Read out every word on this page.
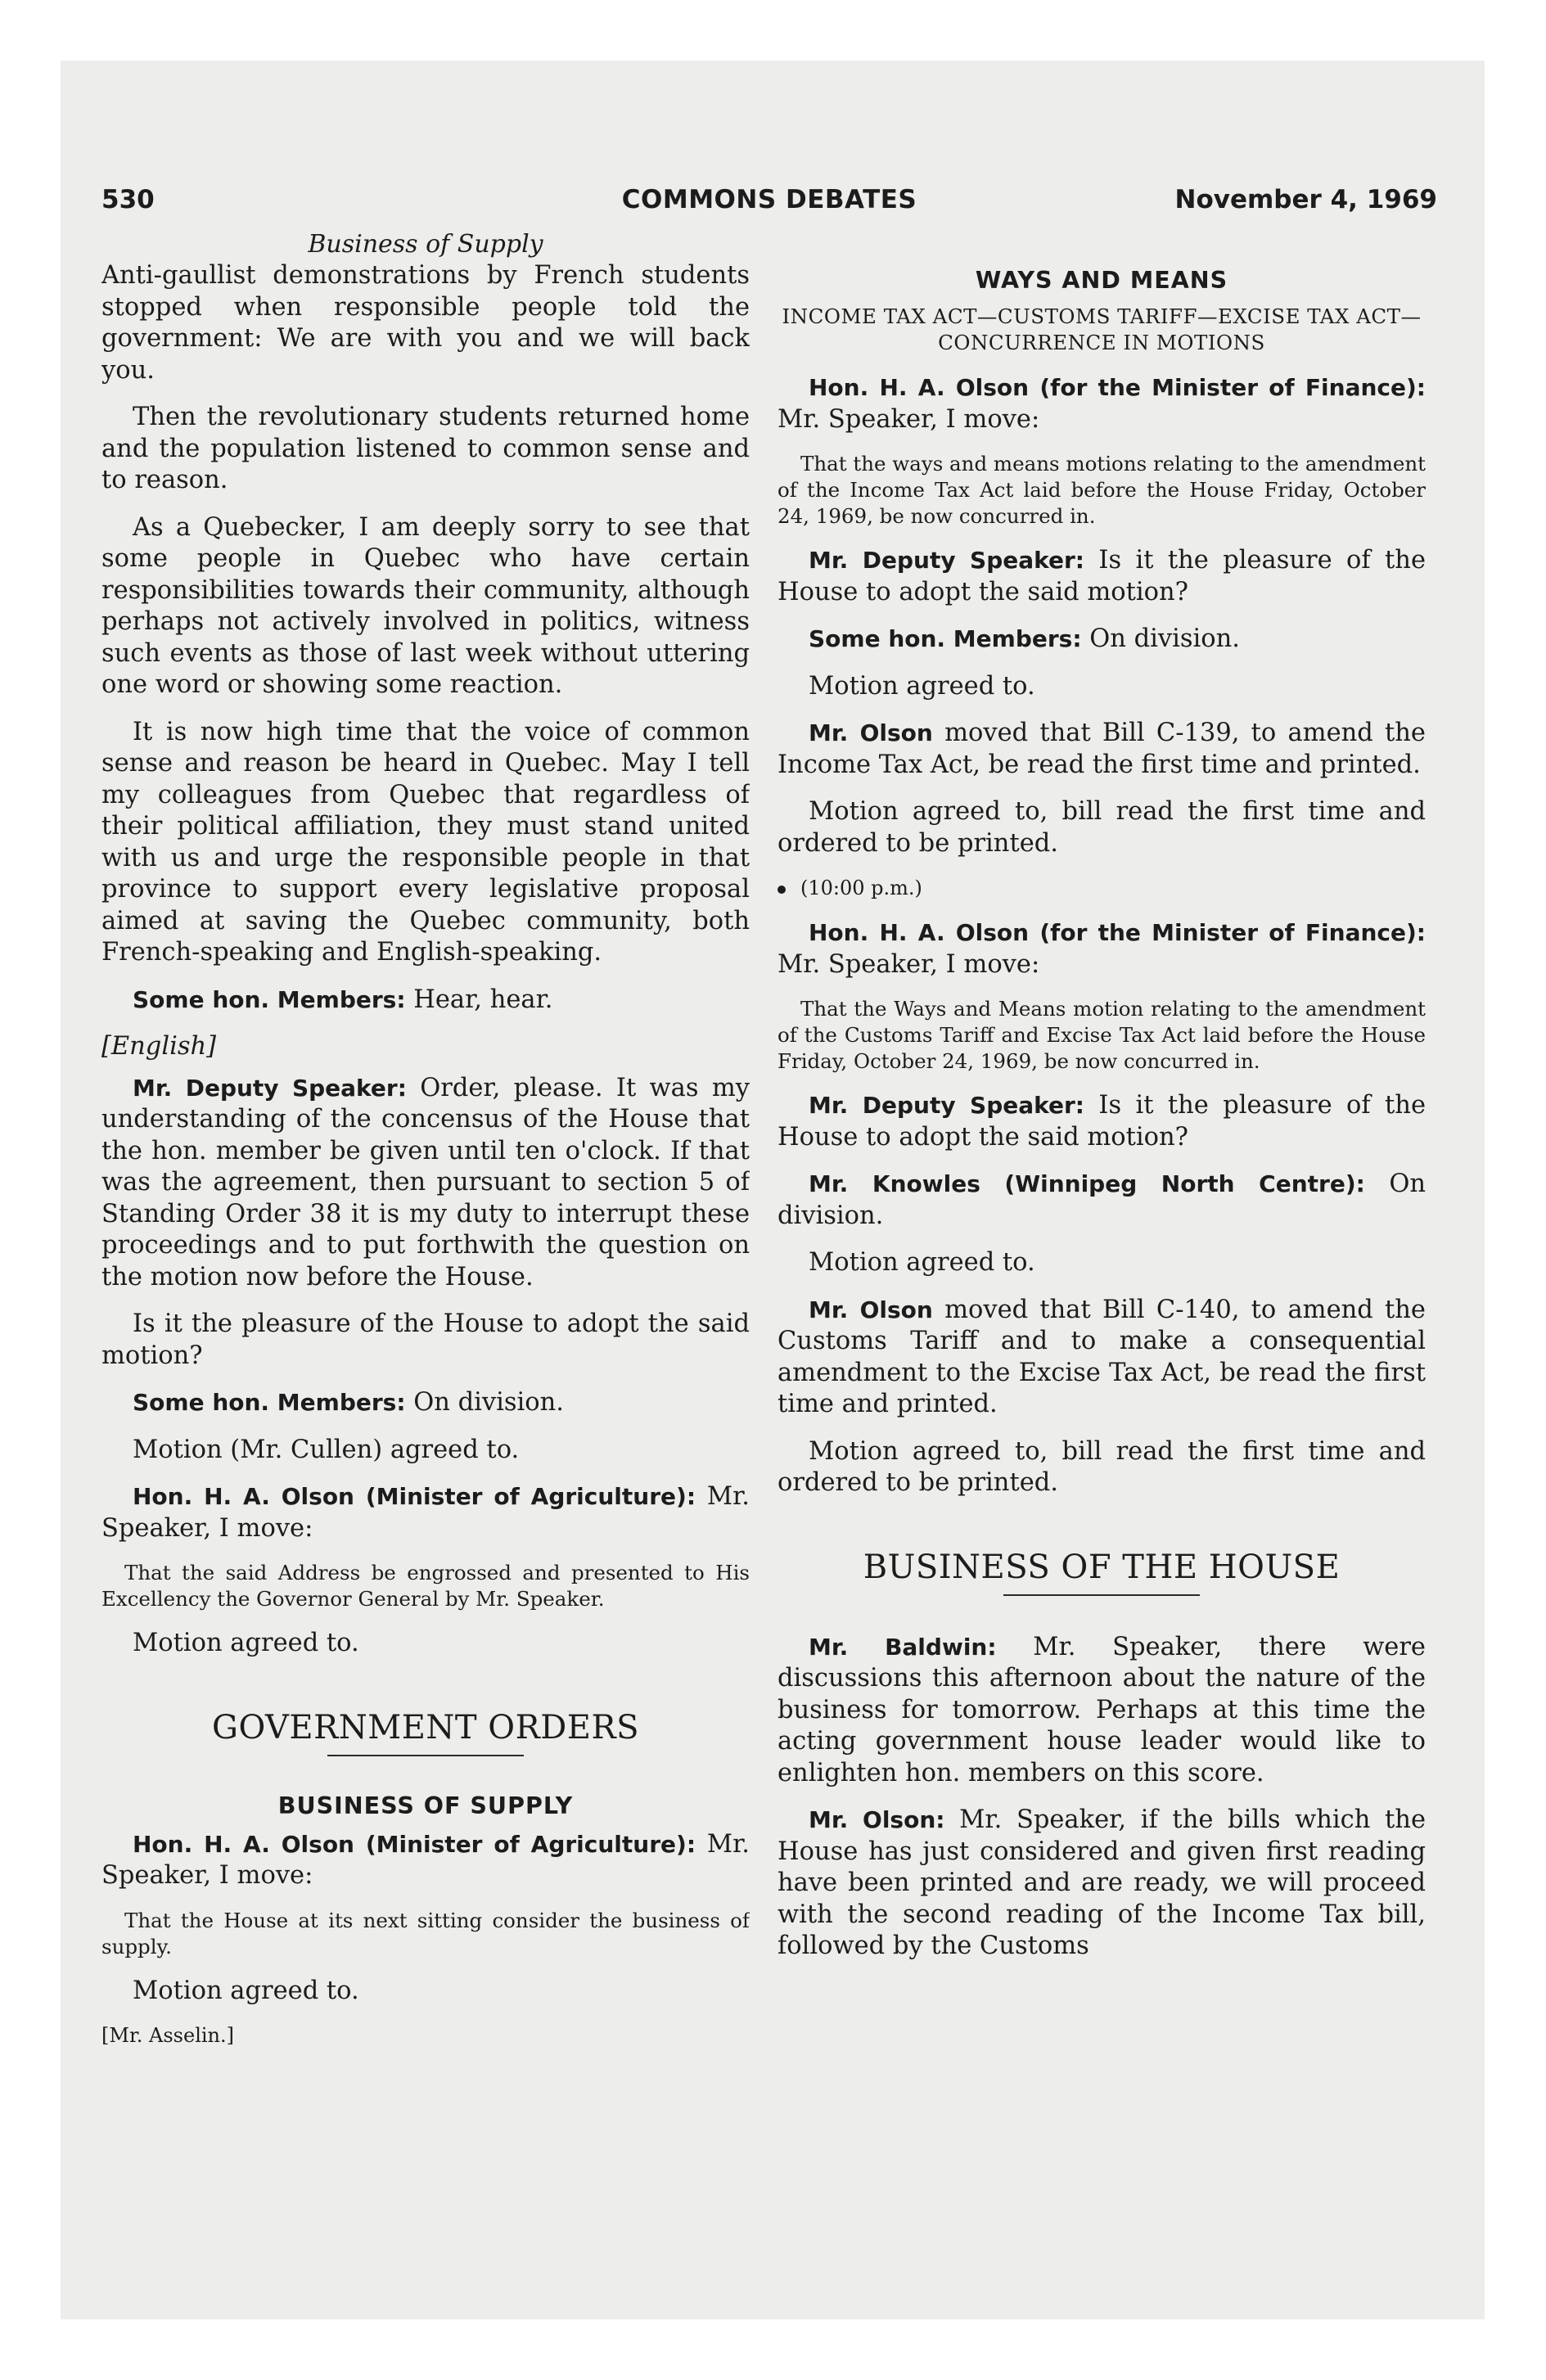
530	COMMONS DEBATES	November 4, 1969
Business of Supply

Anti-gaullist demonstrations by French students stopped when responsible people told the government: We are with you and we will back you.

Then the revolutionary students returned home and the population listened to common sense and to reason.

As a Quebecker, I am deeply sorry to see that some people in Quebec who have certain responsibilities towards their community, although perhaps not actively involved in politics, witness such events as those of last week without uttering one word or showing some reaction.

It is now high time that the voice of common sense and reason be heard in Quebec. May I tell my colleagues from Quebec that regardless of their political affiliation, they must stand united with us and urge the responsible people in that province to support every legislative proposal aimed at saving the Quebec community, both French-speaking and English-speaking.

Some hon. Members: Hear, hear.

[English]

Mr. Deputy Speaker: Order, please. It was my understanding of the concensus of the House that the hon. member be given until ten o'clock. If that was the agreement, then pursuant to section 5 of Standing Order 38 it is my duty to interrupt these proceedings and to put forthwith the question on the motion now before the House.

Is it the pleasure of the House to adopt the said motion?

Some hon. Members: On division.

Motion (Mr. Cullen) agreed to.

Hon. H. A. Olson (Minister of Agriculture): Mr. Speaker, I move:

That the said Address be engrossed and presented to His Excellency the Governor General by Mr. Speaker.

Motion agreed to.

GOVERNMENT ORDERS
BUSINESS OF SUPPLY

Hon. H. A. Olson (Minister of Agriculture): Mr. Speaker, I move:

That the House at its next sitting consider the business of supply.

Motion agreed to.

[Mr. Asselin.]
WAYS AND MEANS
INCOME TAX ACT—CUSTOMS TARIFF—EXCISE TAX ACT—CONCURRENCE IN MOTIONS

Hon. H. A. Olson (for the Minister of Finance): Mr. Speaker, I move:

That the ways and means motions relating to the amendment of the Income Tax Act laid before the House Friday, October 24, 1969, be now concurred in.

Mr. Deputy Speaker: Is it the pleasure of the House to adopt the said motion?

Some hon. Members: On division.

Motion agreed to.

Mr. Olson moved that Bill C-139, to amend the Income Tax Act, be read the first time and printed.

Motion agreed to, bill read the first time and ordered to be printed.

(10:00 p.m.)

Hon. H. A. Olson (for the Minister of Finance): Mr. Speaker, I move:

That the Ways and Means motion relating to the amendment of the Customs Tariff and Excise Tax Act laid before the House Friday, October 24, 1969, be now concurred in.

Mr. Deputy Speaker: Is it the pleasure of the House to adopt the said motion?

Mr. Knowles (Winnipeg North Centre): On division.

Motion agreed to.

Mr. Olson moved that Bill C-140, to amend the Customs Tariff and to make a consequential amendment to the Excise Tax Act, be read the first time and printed.

Motion agreed to, bill read the first time and ordered to be printed.

BUSINESS OF THE HOUSE

Mr. Baldwin: Mr. Speaker, there were discussions this afternoon about the nature of the business for tomorrow. Perhaps at this time the acting government house leader would like to enlighten hon. members on this score.

Mr. Olson: Mr. Speaker, if the bills which the House has just considered and given first reading have been printed and are ready, we will proceed with the second reading of the Income Tax bill, followed by the Customs
